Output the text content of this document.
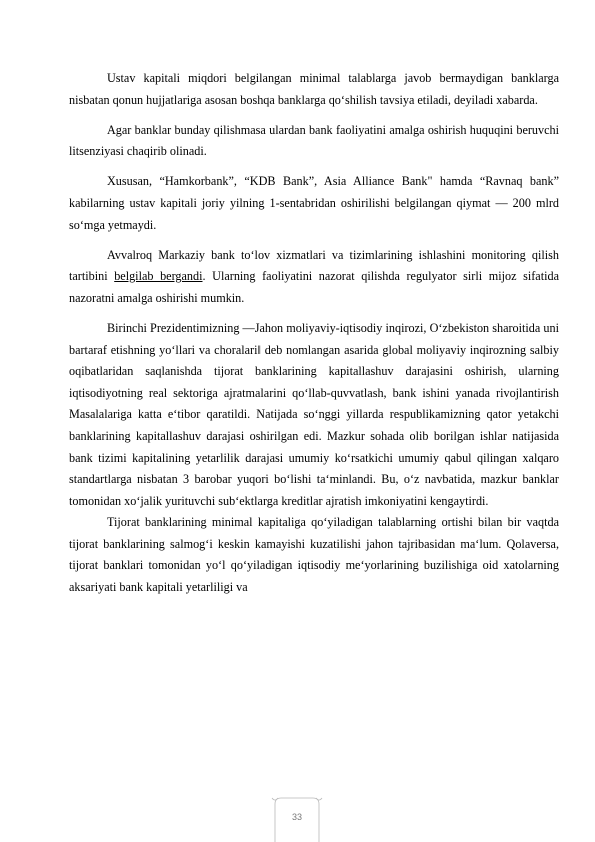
Ustav kapitali miqdori belgilangan minimal talablarga javob bermaydigan banklarga nisbatan qonun hujjatlariga asosan boshqa banklarga qo‘shilish tavsiya etiladi, deyiladi xabarda.

Agar banklar bunday qilishmasa ulardan bank faoliyatini amalga oshirish huquqini beruvchi litsenziyasi chaqirib olinadi.

Xususan, “Hamkorbank”, “KDB Bank”, Asia Alliance Bank" hamda “Ravnaq bank” kabilarning ustav kapitali joriy yilning 1-sentabridan oshirilishi belgilangan qiymat — 200 mlrd so‘mga yetmaydi.

Avvalroq Markaziy bank to‘lov xizmatlari va tizimlarining ishlashini monitoring qilish tartibini belgilab bergandi. Ularning faoliyatini nazorat qilishda regulyator sirli mijoz sifatida nazoratni amalga oshirishi mumkin.

Birinchi Prezidentimizning —Jahon moliyaviy-iqtisodiy inqirozi, O‘zbekiston sharoitida uni bartaraf etishning yo‘llari va choralari‖ deb nomlangan asarida global moliyaviy inqirozning salbiy oqibatlaridan saqlanishda tijorat banklarining kapitallashuv darajasini oshirish, ularning iqtisodiyotning real sektoriga ajratmalarini qo‘llab-quvvatlash, bank ishini yanada rivojlantirish Masalalariga katta e‘tibor qaratildi. Natijada so‘nggi yillarda respublikamizning qator yetakchi banklarining kapitallashuv darajasi oshirilgan edi. Mazkur sohada olib borilgan ishlar natijasida bank tizimi kapitalining yetarlilik darajasi umumiy ko‘rsatkichi umumiy qabul qilingan xalqaro standartlarga nisbatan 3 barobar yuqori bo‘lishi ta‘minlandi. Bu, o‘z navbatida, mazkur banklar tomonidan xo‘jalik yurituvchi sub‘ektlarga kreditlar ajratish imkoniyatini kengaytirdi.

Tijorat banklarining minimal kapitaliga qo‘yiladigan talablarning ortishi bilan bir vaqtda tijorat banklarining salmog‘i keskin kamayishi kuzatilishi jahon tajribasidan ma‘lum. Qolaversa, tijorat banklari tomonidan yo‘l qo‘yiladigan iqtisodiy me‘yorlarining buzilishiga oid xatolarning aksariyati bank kapitali yetarliligi va

33
